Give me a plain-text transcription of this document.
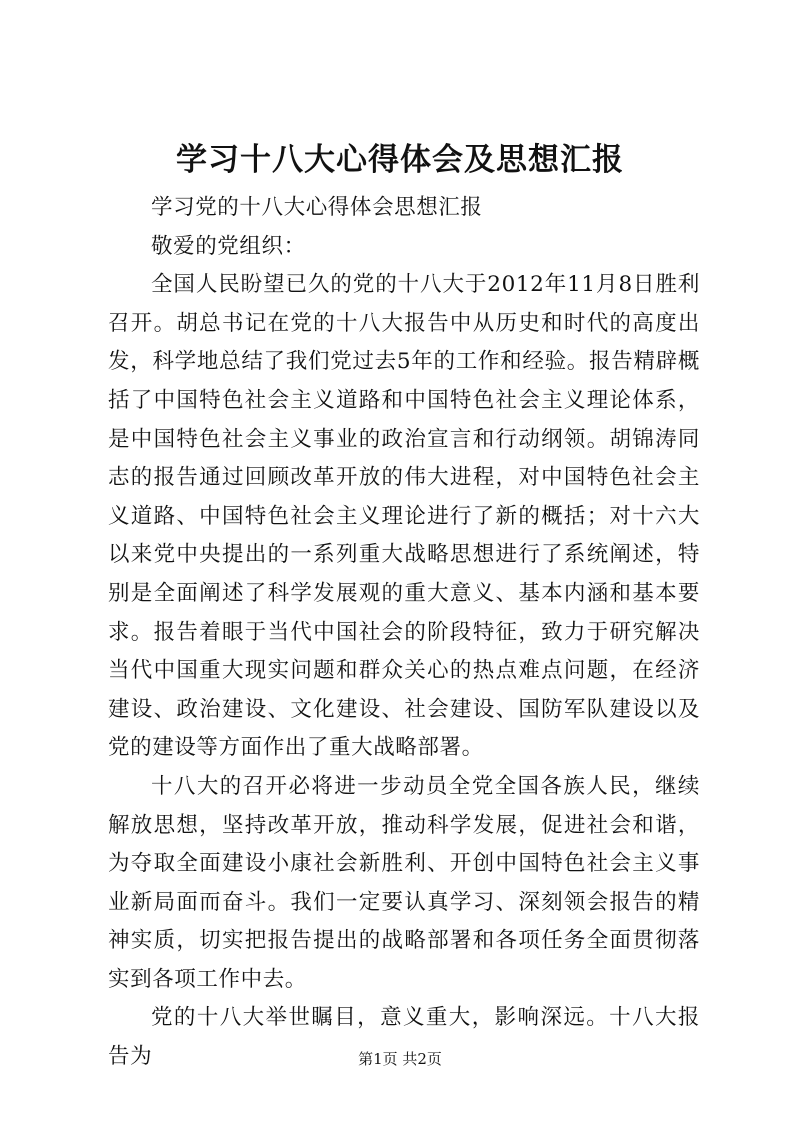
学习十八大心得体会及思想汇报

学习党的十八大心得体会思想汇报

敬爱的党组织：

全国人民盼望已久的党的十八大于2012年11月8日胜利召开。胡总书记在党的十八大报告中从历史和时代的高度出发，科学地总结了我们党过去5年的工作和经验。报告精辟概括了中国特色社会主义道路和中国特色社会主义理论体系，是中国特色社会主义事业的政治宣言和行动纲领。胡锦涛同志的报告通过回顾改革开放的伟大进程，对中国特色社会主义道路、中国特色社会主义理论进行了新的概括；对十六大以来党中央提出的一系列重大战略思想进行了系统阐述，特别是全面阐述了科学发展观的重大意义、基本内涵和基本要求。报告着眼于当代中国社会的阶段特征，致力于研究解决当代中国重大现实问题和群众关心的热点难点问题，在经济建设、政治建设、文化建设、社会建设、国防军队建设以及党的建设等方面作出了重大战略部署。

十八大的召开必将进一步动员全党全国各族人民，继续解放思想，坚持改革开放，推动科学发展，促进社会和谐，为夺取全面建设小康社会新胜利、开创中国特色社会主义事业新局面而奋斗。我们一定要认真学习、深刻领会报告的精神实质，切实把报告提出的战略部署和各项任务全面贯彻落实到各项工作中去。

党的十八大举世瞩目，意义重大，影响深远。十八大报告为	第1页 共2页
